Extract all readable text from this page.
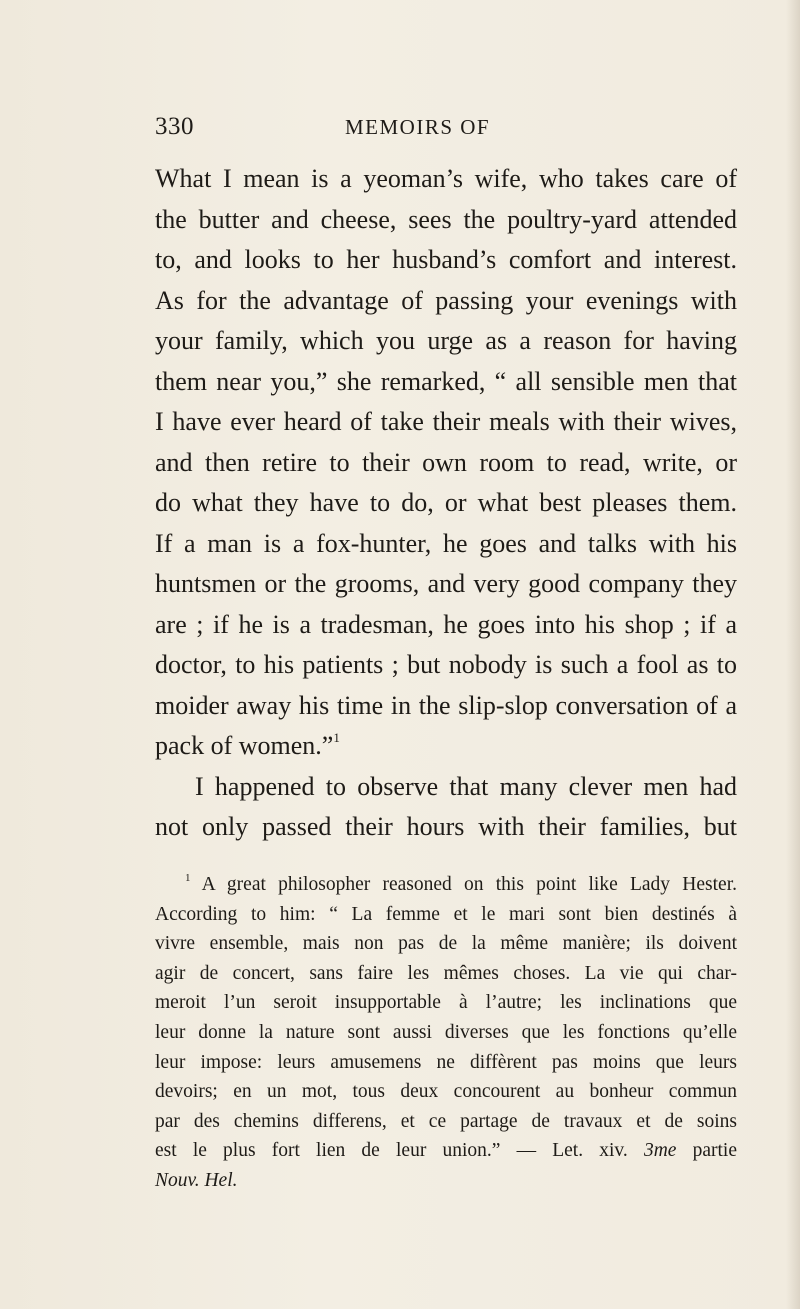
330	MEMOIRS OF
What I mean is a yeoman’s wife, who takes care of
the butter and cheese, sees the poultry-yard attended
to, and looks to her husband’s comfort and interest.
As for the advantage of passing your evenings with
your family, which you urge as a reason for having
them near you,” she remarked, “ all sensible men that
I have ever heard of take their meals with their wives,
and then retire to their own room to read, write, or
do what they have to do, or what best pleases them.
If a man is a fox-hunter, he goes and talks with his
huntsmen or the grooms, and very good company they
are ; if he is a tradesman, he goes into his shop ; if a
doctor, to his patients ; but nobody is such a fool as to
moider away his time in the slip-slop conversation of a
pack of women.”$^1$
I happened to observe that many clever men had
not only passed their hours with their families, but
$^1$ A great philosopher reasoned on this point like Lady Hester.
According to him: “ La femme et le mari sont bien destinés à
vivre ensemble, mais non pas de la même manière; ils doivent
agir de concert, sans faire les mêmes choses. La vie qui char-
meroit l’un seroit insupportable à l’autre; les inclinations que
leur donne la nature sont aussi diverses que les fonctions qu’elle
leur impose: leurs amusemens ne diffèrent pas moins que leurs
devoirs; en un mot, tous deux concourent au bonheur commun
par des chemins differens, et ce partage de travaux et de soins
est le plus fort lien de leur union.” — Let. xiv. 3me partie
Nouv. Hel.
